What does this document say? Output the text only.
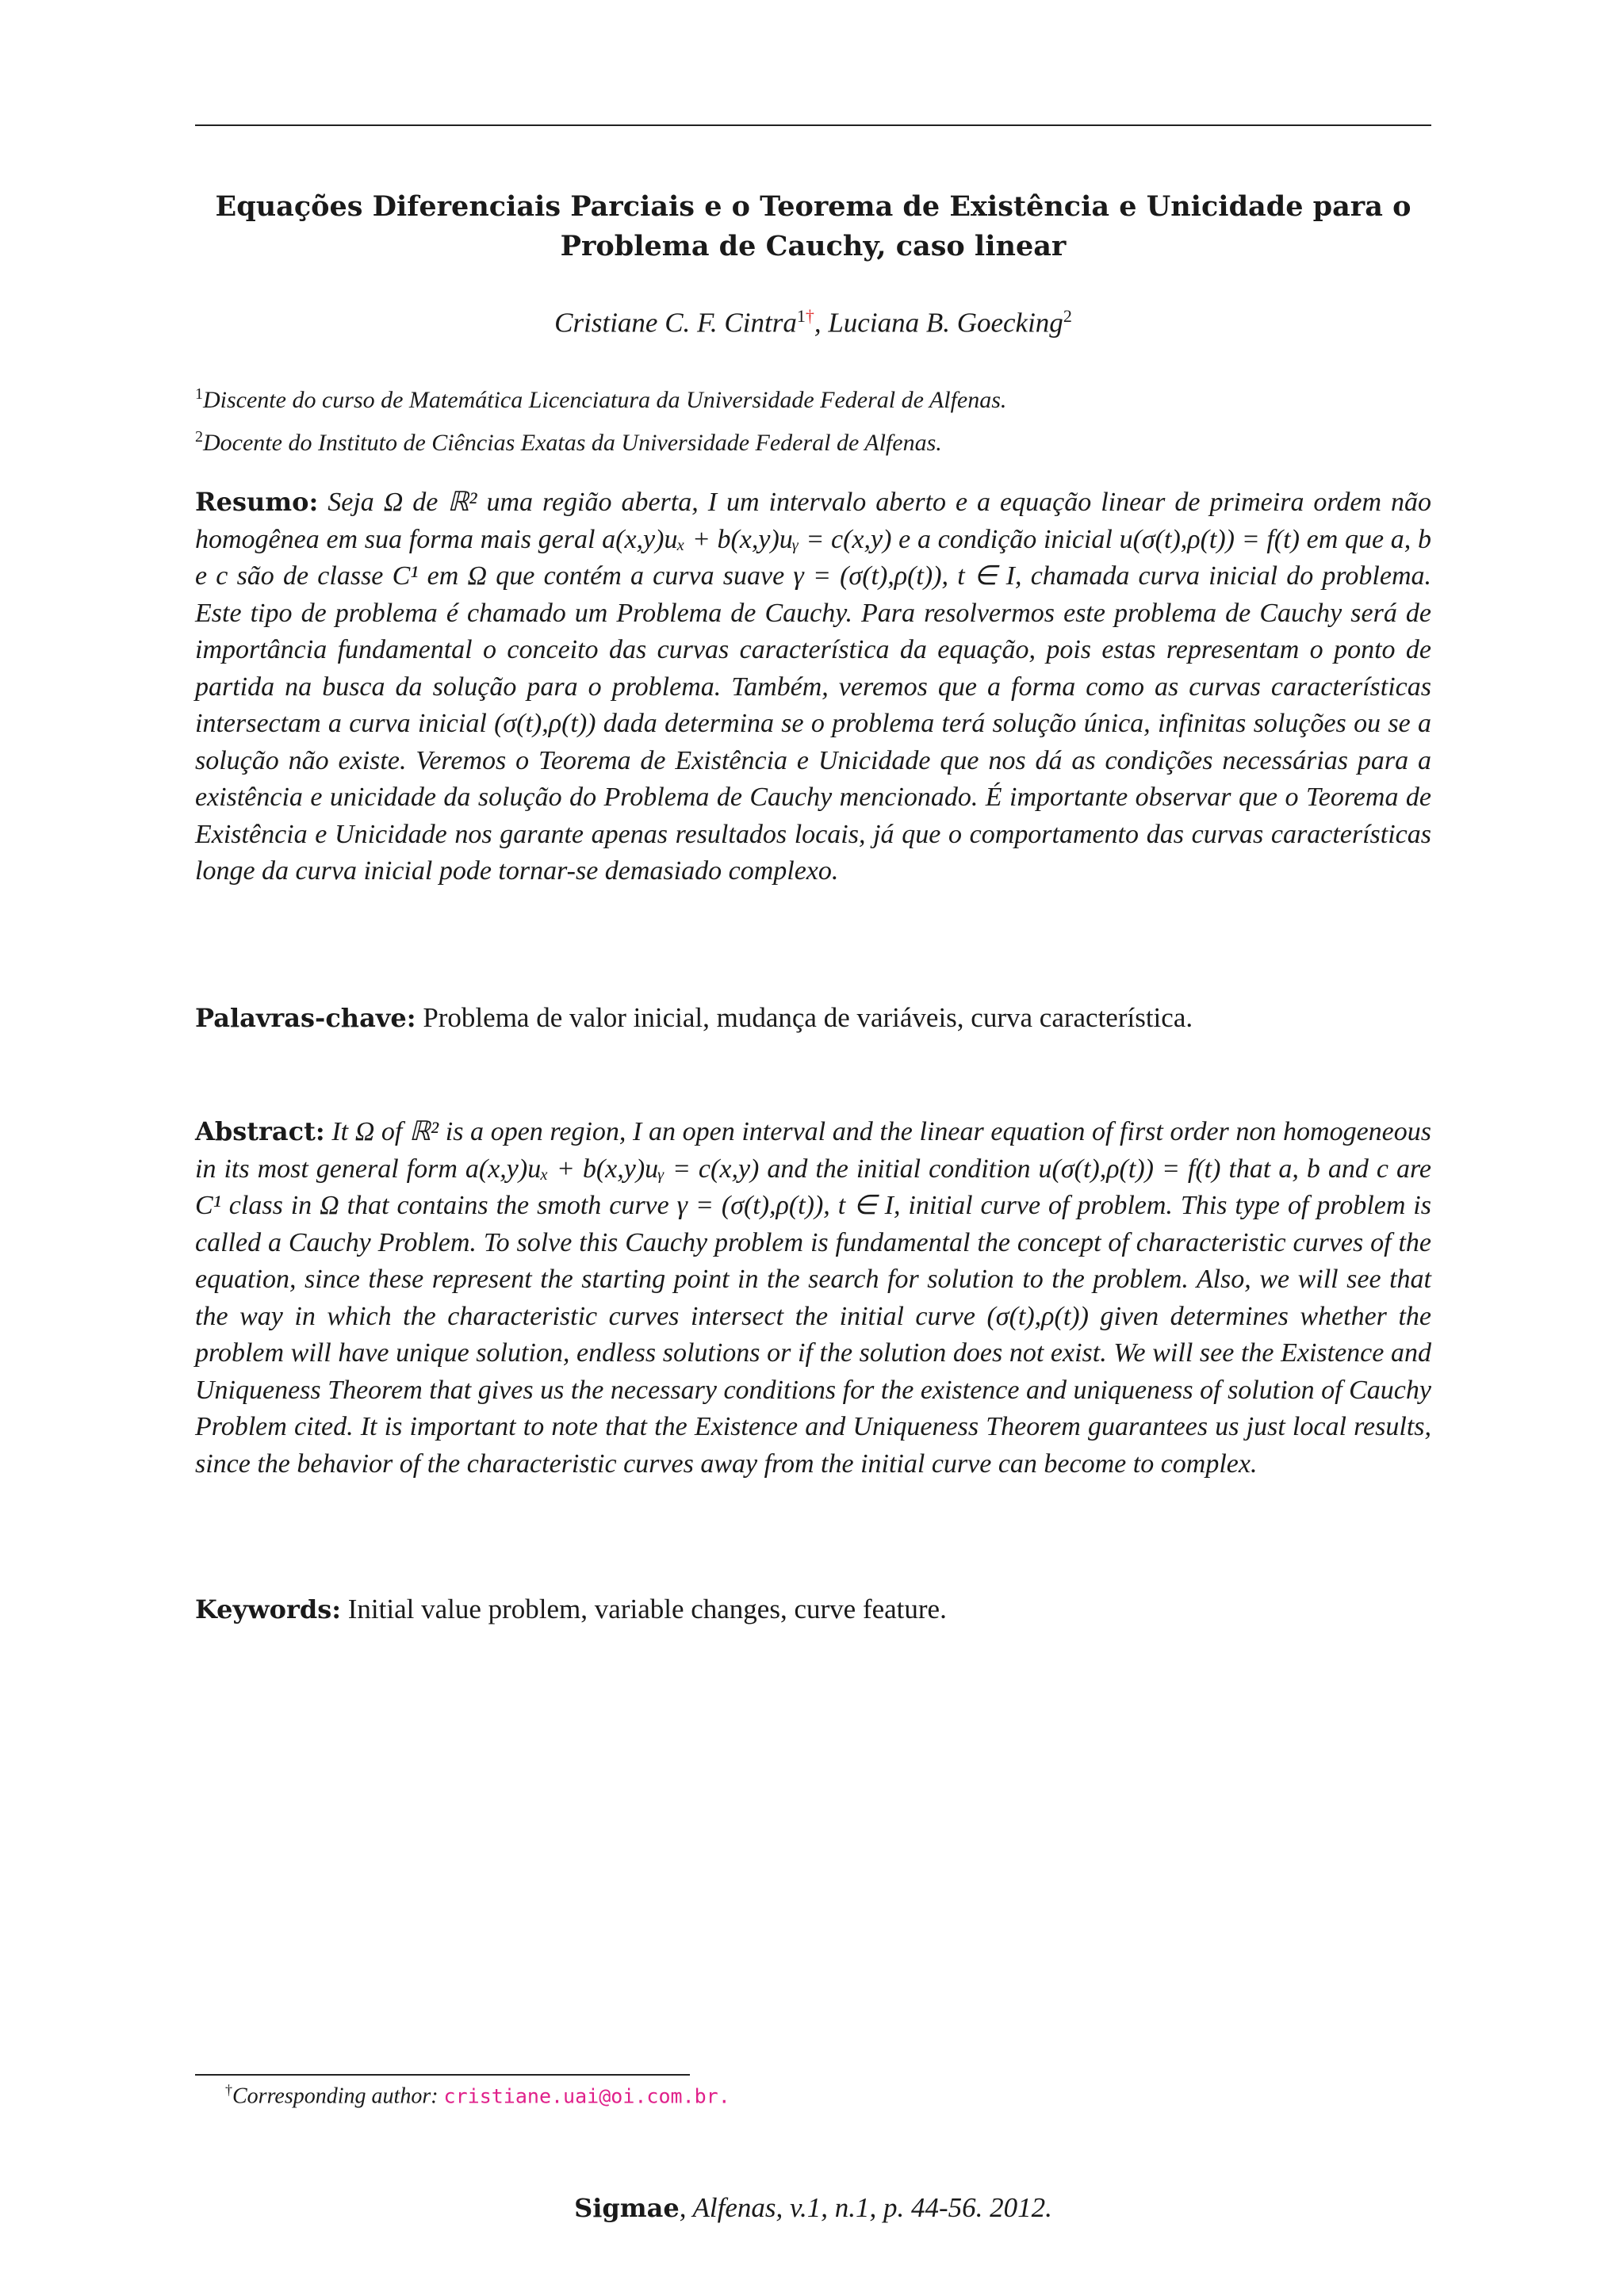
Equações Diferenciais Parciais e o Teorema de Existência e Unicidade para o Problema de Cauchy, caso linear
Cristiane C. F. Cintra$^{1\dagger}$, Luciana B. Goecking$^2$
$^1$Discente do curso de Matemática Licenciatura da Universidade Federal de Alfenas.
$^2$Docente do Instituto de Ciências Exatas da Universidade Federal de Alfenas.
Resumo: Seja Ω de ℝ² uma região aberta, I um intervalo aberto e a equação linear de primeira ordem não homogênea em sua forma mais geral a(x,y)uₓ + b(x,y)uᵧ = c(x,y) e a condição inicial u(σ(t),ρ(t)) = f(t) em que a, b e c são de classe C¹ em Ω que contém a curva suave γ = (σ(t),ρ(t)), t ∈ I, chamada curva inicial do problema. Este tipo de problema é chamado um Problema de Cauchy. Para resolvermos este problema de Cauchy será de importância fundamental o conceito das curvas característica da equação, pois estas representam o ponto de partida na busca da solução para o problema. Também, veremos que a forma como as curvas características intersectam a curva inicial (σ(t),ρ(t)) dada determina se o problema terá solução única, infinitas soluções ou se a solução não existe. Veremos o Teorema de Existência e Unicidade que nos dá as condições necessárias para a existência e unicidade da solução do Problema de Cauchy mencionado. É importante observar que o Teorema de Existência e Unicidade nos garante apenas resultados locais, já que o comportamento das curvas características longe da curva inicial pode tornar-se demasiado complexo.
Palavras-chave: Problema de valor inicial, mudança de variáveis, curva característica.
Abstract: It Ω of ℝ² is a open region, I an open interval and the linear equation of first order non homogeneous in its most general form a(x,y)uₓ + b(x,y)uᵧ = c(x,y) and the initial condition u(σ(t),ρ(t)) = f(t) that a, b and c are C¹ class in Ω that contains the smoth curve γ = (σ(t),ρ(t)), t ∈ I, initial curve of problem. This type of problem is called a Cauchy Problem. To solve this Cauchy problem is fundamental the concept of characteristic curves of the equation, since these represent the starting point in the search for solution to the problem. Also, we will see that the way in which the characteristic curves intersect the initial curve (σ(t),ρ(t)) given determines whether the problem will have unique solution, endless solutions or if the solution does not exist. We will see the Existence and Uniqueness Theorem that gives us the necessary conditions for the existence and uniqueness of solution of Cauchy Problem cited. It is important to note that the Existence and Uniqueness Theorem guarantees us just local results, since the behavior of the characteristic curves away from the initial curve can become to complex.
Keywords: Initial value problem, variable changes, curve feature.
†Corresponding author: cristiane.uai@oi.com.br.
Sigmae, Alfenas, v.1, n.1, p. 44-56. 2012.
